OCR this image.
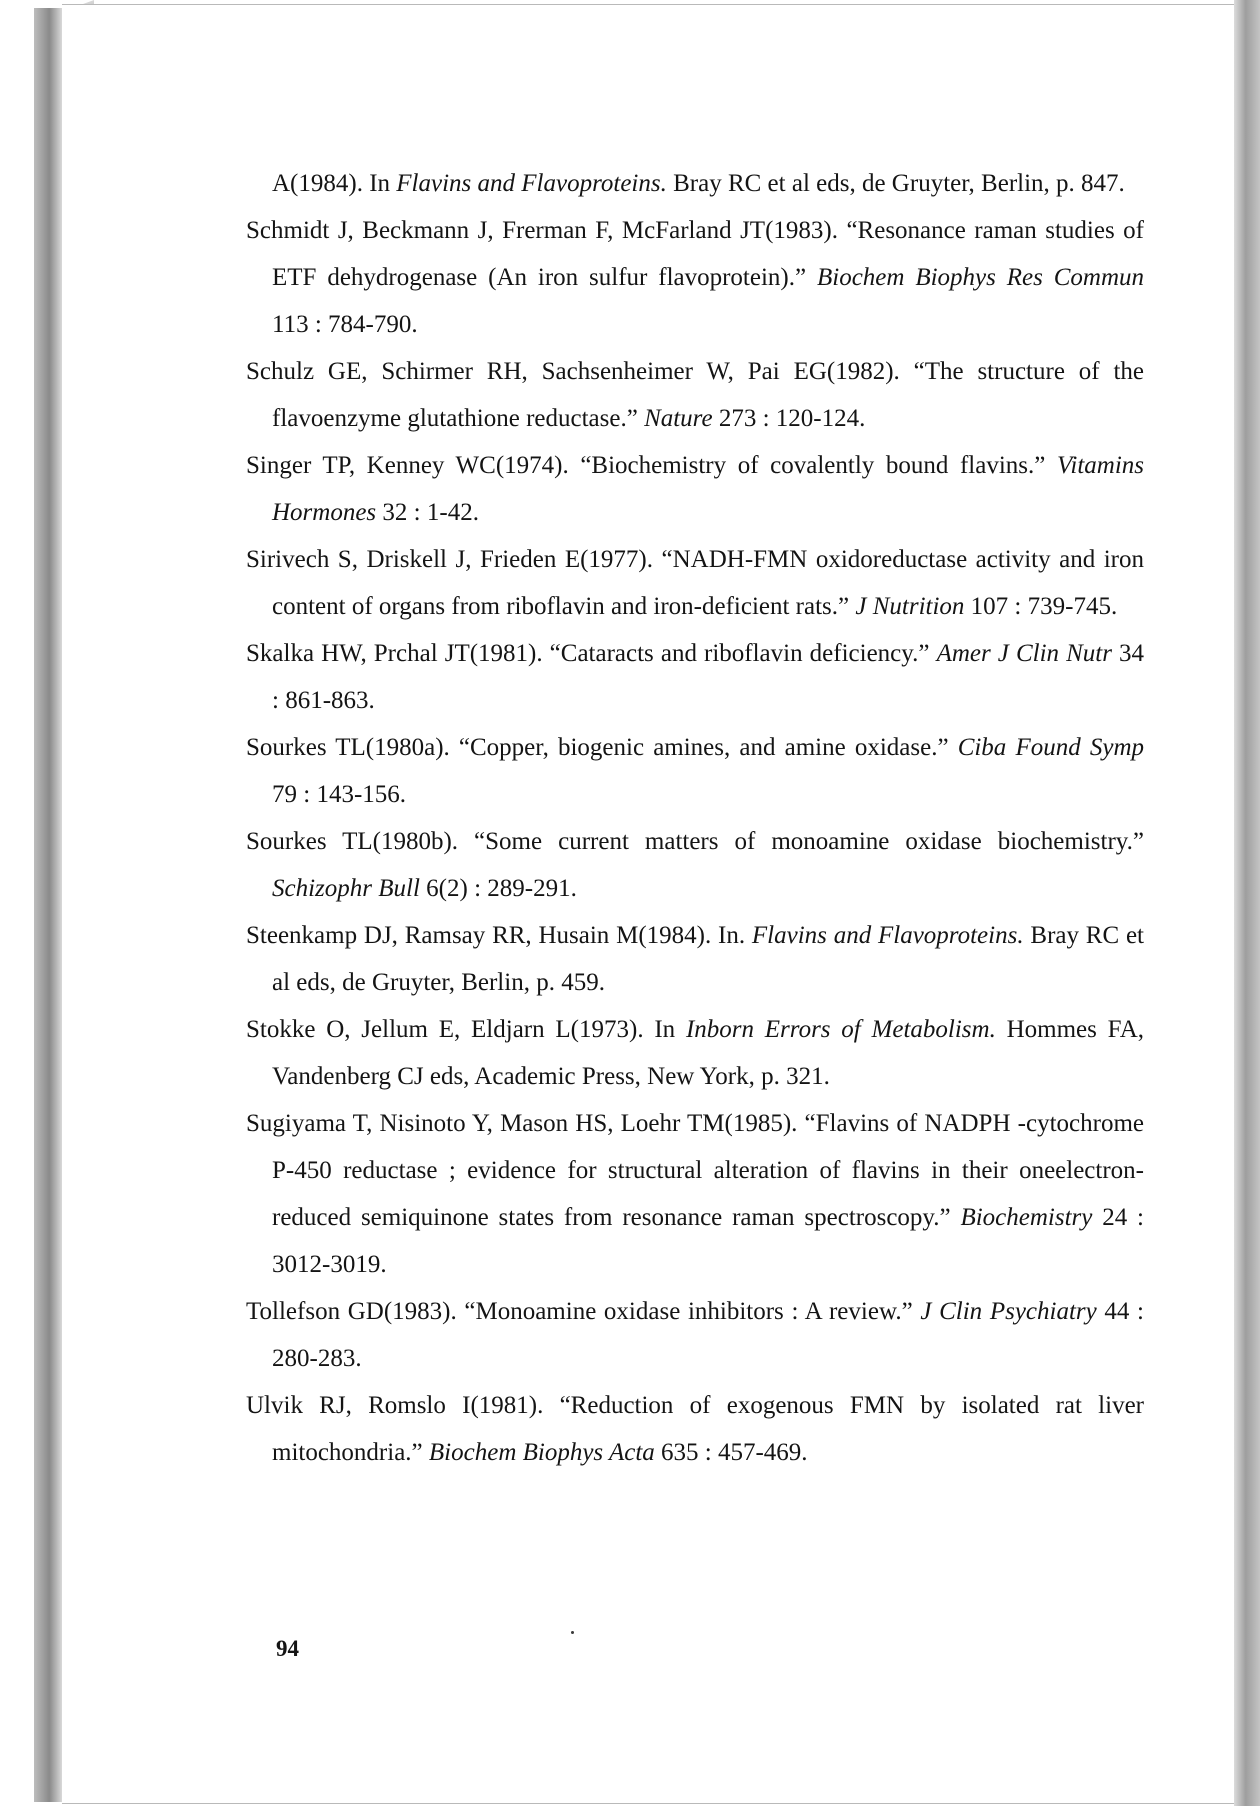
A(1984). In Flavins and Flavoproteins. Bray RC et al eds, de Gruyter, Berlin, p. 847.

Schmidt J, Beckmann J, Frerman F, McFarland JT(1983). “Resonance raman studies of ETF dehydrogenase (An iron sulfur flavoprotein).” Biochem Biophys Res Commun 113 : 784-790.

Schulz GE, Schirmer RH, Sachsenheimer W, Pai EG(1982). “The structure of the flavoenzyme glutathione reductase.” Nature 273 : 120-124.

Singer TP, Kenney WC(1974). “Biochemistry of covalently bound flavins.” Vitamins Hormones 32 : 1-42.

Sirivech S, Driskell J, Frieden E(1977). “NADH-FMN oxidoreductase activity and iron content of organs from riboflavin and iron-deficient rats.” J Nutrition 107 : 739-745.

Skalka HW, Prchal JT(1981). “Cataracts and riboflavin deficiency.” Amer J Clin Nutr 34 : 861-863.

Sourkes TL(1980a). “Copper, biogenic amines, and amine oxidase.” Ciba Found Symp 79 : 143-156.

Sourkes TL(1980b). “Some current matters of monoamine oxidase biochemistry.” Schizophr Bull 6(2) : 289-291.

Steenkamp DJ, Ramsay RR, Husain M(1984). In. Flavins and Flavoproteins. Bray RC et al eds, de Gruyter, Berlin, p. 459.

Stokke O, Jellum E, Eldjarn L(1973). In Inborn Errors of Metabolism. Hommes FA, Vandenberg CJ eds, Academic Press, New York, p. 321.

Sugiyama T, Nisinoto Y, Mason HS, Loehr TM(1985). “Flavins of NADPH -cytochrome P-450 reductase ; evidence for structural alteration of flavins in their oneelectron-reduced semiquinone states from resonance raman spectroscopy.” Biochemistry 24 : 3012-3019.

Tollefson GD(1983). “Monoamine oxidase inhibitors : A review.” J Clin Psychiatry 44 : 280-283.

Ulvik RJ, Romslo I(1981). “Reduction of exogenous FMN by isolated rat liver mitochondria.” Biochem Biophys Acta 635 : 457-469.

94
